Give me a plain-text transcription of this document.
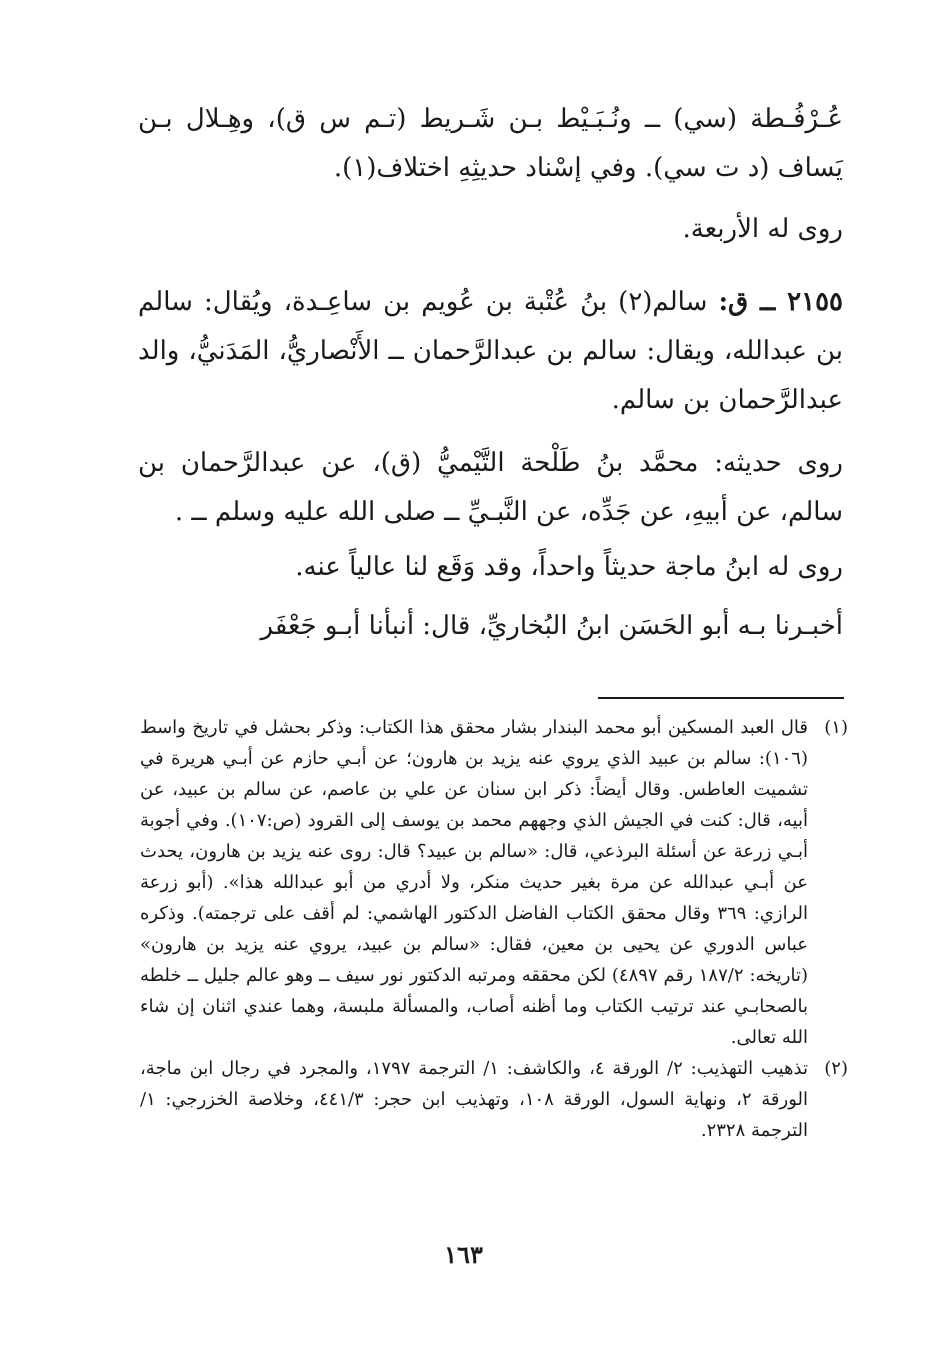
عُـرْفُـطة (سي) ــ ونُـبَـيْط بـن شَـريط (تـم س ق)، وهِـلال بـن يَساف (د ت سي). وفي إسْناد حديثِهِ اختلاف(١).

روى له الأربعة.

٢١٥٥ ــ ق: سالم(٢) بنُ عُتْبة بن عُويم بن ساعِـدة، ويُقال: سالم بن عبدالله، ويقال: سالم بن عبدالرَّحمان ــ الأَنْصاريُّ، المَدَنيُّ، والد عبدالرَّحمان بن سالم.

روى حديثه: محمَّد بنُ طَلْحة التَّيْميُّ (ق)، عن عبدالرَّحمان بن سالم، عن أبيهِ، عن جَدِّه، عن النَّبـيِّ ــ صلى الله عليه وسلم ــ .

روى له ابنُ ماجة حديثاً واحداً، وقد وَقَع لنا عالياً عنه.

أخبـرنا بـه أبو الحَسَن ابنُ البُخاريِّ، قال: أنبأنا أبـو جَعْفَر

(١)
قال العبد المسكين أبو محمد البندار بشار محقق هذا الكتاب: وذكر بحشل في تاريخ واسط (١٠٦): سالم بن عبيد الذي يروي عنه يزيد بن هارون؛ عن أبـي حازم عن أبـي هريرة في تشميت العاطس. وقال أيضاً: ذكر ابن سنان عن علي بن عاصم، عن سالم بن عبيد، عن أبيه، قال: كنت في الجيش الذي وجههم محمد بن يوسف إلى القرود (ص:١٠٧). وفي أجوبة أبـي زرعة عن أسئلة البرذعي، قال: «سالم بن عبيد؟ قال: روى عنه يزيد بن هارون، يحدث عن أبـي عبدالله عن مرة بغير حديث منكر، ولا أدري من أبو عبدالله هذا». (أبو زرعة الرازي: ٣٦٩ وقال محقق الكتاب الفاضل الدكتور الهاشمي: لم أقف على ترجمته). وذكره عباس الدوري عن يحيى بن معين، فقال: «سالم بن عبيد، يروي عنه يزيد بن هارون» (تاريخه: ١٨٧/٢ رقم ٤٨٩٧) لكن محققه ومرتبه الدكتور نور سيف ــ وهو عالم جليل ــ خلطه بالصحابـي عند ترتيب الكتاب وما أظنه أصاب، والمسألة ملبسة، وهما عندي اثنان إن شاء الله تعالى.
(٢)
تذهيب التهذيب: ٢/ الورقة ٤، والكاشف: ١/ الترجمة ١٧٩٧، والمجرد في رجال ابن ماجة، الورقة ٢، ونهاية السول، الورقة ١٠٨، وتهذيب ابن حجر: ٤٤١/٣، وخلاصة الخزرجي: ١/ الترجمة ٢٣٢٨.
١٦٣
